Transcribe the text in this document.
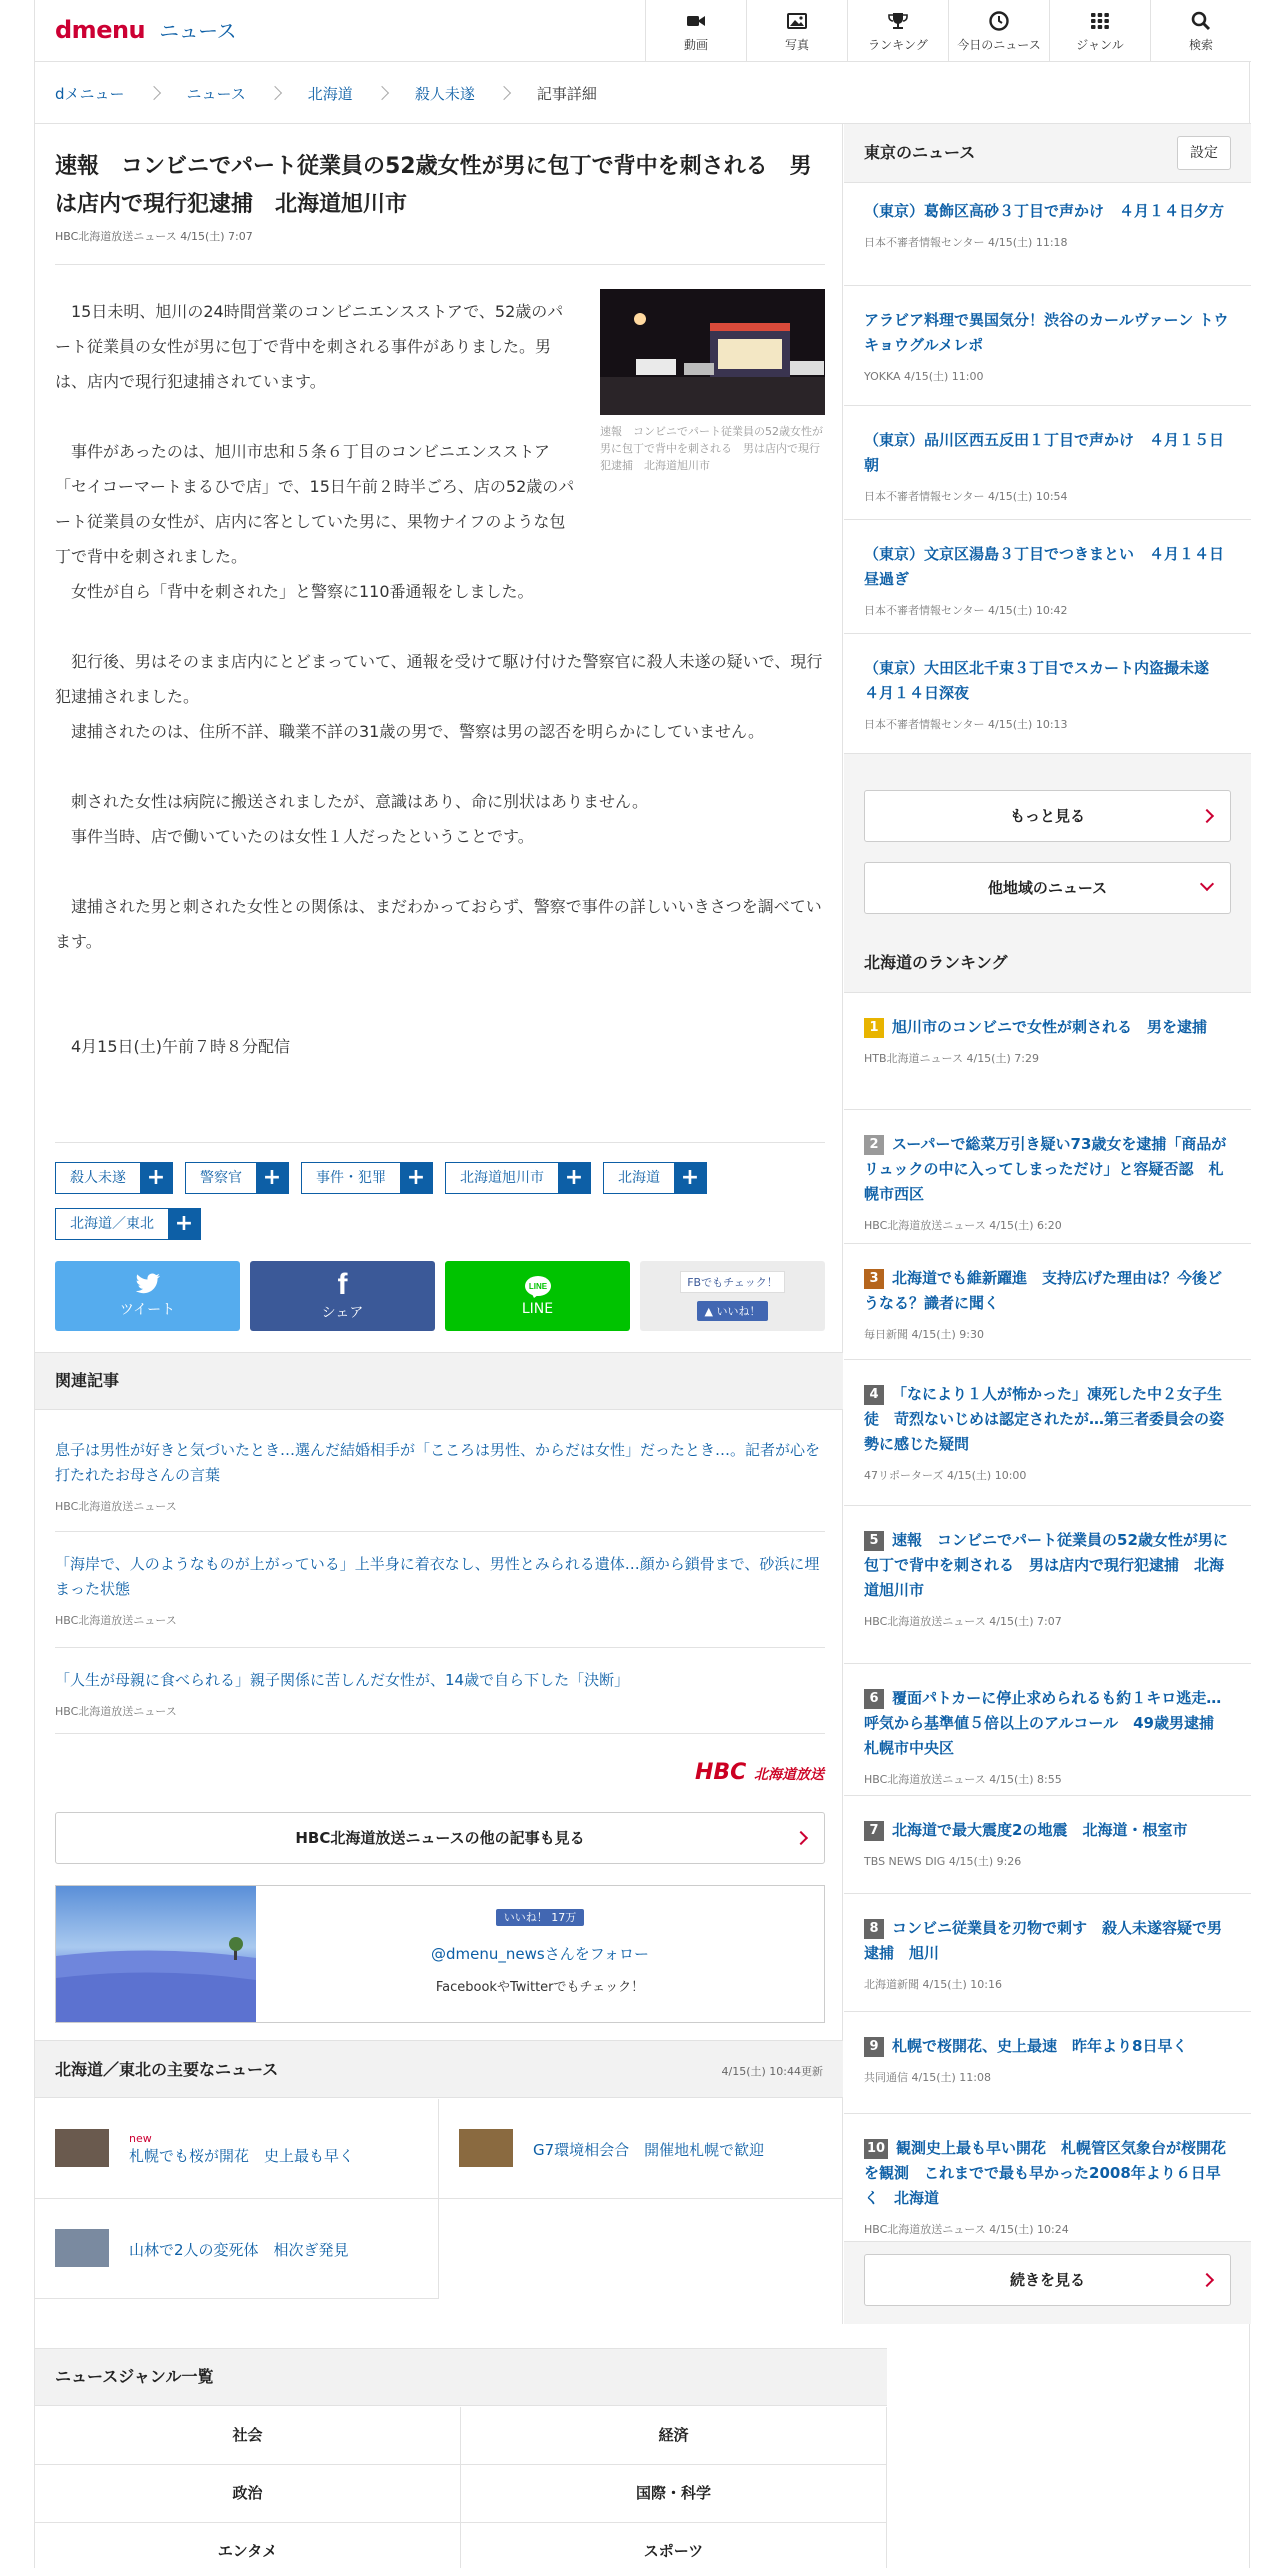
dmenu ニュース
動画	写真	ランキング 今日のニュース	ジャンル	検索
dメニュー	ニュース	北海道	殺人未遂	記事詳細
速報　コンビニでパート従業員の52歳女性が男に包丁で背中を刺される　男は店内で現行犯逮捕　北海道旭川市
HBC北海道放送ニュース 4/15(土) 7:07
速報　コンビニでパート従業員の52歳女性が男に包丁で背中を刺される　男は店内で現行犯逮捕　北海道旭川市

15日未明、旭川の24時間営業のコンビニエンスストアで、52歳のパート従業員の女性が男に包丁で背中を刺される事件がありました。男は、店内で現行犯逮捕されています。

事件があったのは、旭川市忠和５条６丁目のコンビニエンスストア「セイコーマートまるひで店」で、15日午前２時半ごろ、店の52歳のパート従業員の女性が、店内に客としていた男に、果物ナイフのような包丁で背中を刺されました。

女性が自ら「背中を刺された」と警察に110番通報をしました。

犯行後、男はそのまま店内にとどまっていて、通報を受けて駆け付けた警察官に殺人未遂の疑いで、現行犯逮捕されました。

逮捕されたのは、住所不詳、職業不詳の31歳の男で、警察は男の認否を明らかにしていません。

刺された女性は病院に搬送されましたが、意識はあり、命に別状はありません。

事件当時、店で働いていたのは女性１人だったということです。

逮捕された男と刺された女性との関係は、まだわかっておらず、警察で事件の詳しいいきさつを調べています。

4月15日(土)午前７時８分配信

殺人未遂 +	警察官 +	事件・犯罪 +	北海道旭川市 +	北海道 +
北海道／東北 +
ツイート
f
シェア
LINE
LINE
FBでもチェック！
▲ いいね！
関連記事
息子は男性が好きと気づいたとき…選んだ結婚相手が「こころは男性、からだは女性」だったとき…。記者が心を打たれたお母さんの言葉
HBC北海道放送ニュース
「海岸で、人のようなものが上がっている」上半身に着衣なし、男性とみられる遺体…顔から鎖骨まで、砂浜に埋まった状態
HBC北海道放送ニュース
「人生が母親に食べられる」親子関係に苦しんだ女性が、14歳で自ら下した「決断」
HBC北海道放送ニュース
HBC 北海道放送
HBC北海道放送ニュースの他の記事も見る
いいね！ 17万
@dmenu_newsさんをフォロー
FacebookやTwitterでもチェック！
北海道／東北の主要なニュース	4/15(土) 10:44更新
new
札幌でも桜が開花　史上最も早く	G7環境相会合　開催地札幌で歓迎
山林で2人の変死体　相次ぎ発見
東京のニュース	設定
（東京）葛飾区高砂３丁目で声かけ　４月１４日夕方
日本不審者情報センター 4/15(土) 11:18
アラビア料理で異国気分！渋谷のカールヴァーン トウキョウグルメレポ
YOKKA 4/15(土) 11:00
（東京）品川区西五反田１丁目で声かけ　４月１５日朝
日本不審者情報センター 4/15(土) 10:54
（東京）文京区湯島３丁目でつきまとい　４月１４日昼過ぎ
日本不審者情報センター 4/15(土) 10:42
（東京）大田区北千束３丁目でスカート内盗撮未遂　４月１４日深夜
日本不審者情報センター 4/15(土) 10:13
もっと見る
他地域のニュース
北海道のランキング
1 旭川市のコンビニで女性が刺される　男を逮捕
HTB北海道ニュース 4/15(土) 7:29
2 スーパーで総菜万引き疑い73歳女を逮捕「商品がリュックの中に入ってしまっただけ」と容疑否認　札幌市西区
HBC北海道放送ニュース 4/15(土) 6:20
3 北海道でも維新躍進　支持広げた理由は？今後どうなる？識者に聞く
毎日新聞 4/15(土) 9:30
4 「なにより１人が怖かった」凍死した中２女子生徒　苛烈ないじめは認定されたが…第三者委員会の姿勢に感じた疑問
47リポーターズ 4/15(土) 10:00
5 速報　コンビニでパート従業員の52歳女性が男に包丁で背中を刺される　男は店内で現行犯逮捕　北海道旭川市
HBC北海道放送ニュース 4/15(土) 7:07
6 覆面パトカーに停止求められるも約１キロ逃走…呼気から基準値５倍以上のアルコール　49歳男逮捕　札幌市中央区
HBC北海道放送ニュース 4/15(土) 8:55
7 北海道で最大震度2の地震　北海道・根室市
TBS NEWS DIG 4/15(土) 9:26
8 コンビニ従業員を刃物で刺す　殺人未遂容疑で男逮捕　旭川
北海道新聞 4/15(土) 10:16
9 札幌で桜開花、史上最速　昨年より8日早く
共同通信 4/15(土) 11:08
10 観測史上最も早い開花　札幌管区気象台が桜開花を観測　これまでで最も早かった2008年より６日早く　北海道
HBC北海道放送ニュース 4/15(土) 10:24
続きを見る
ニュースジャンル一覧
社会	経済
政治	国際・科学
エンタメ	スポーツ
